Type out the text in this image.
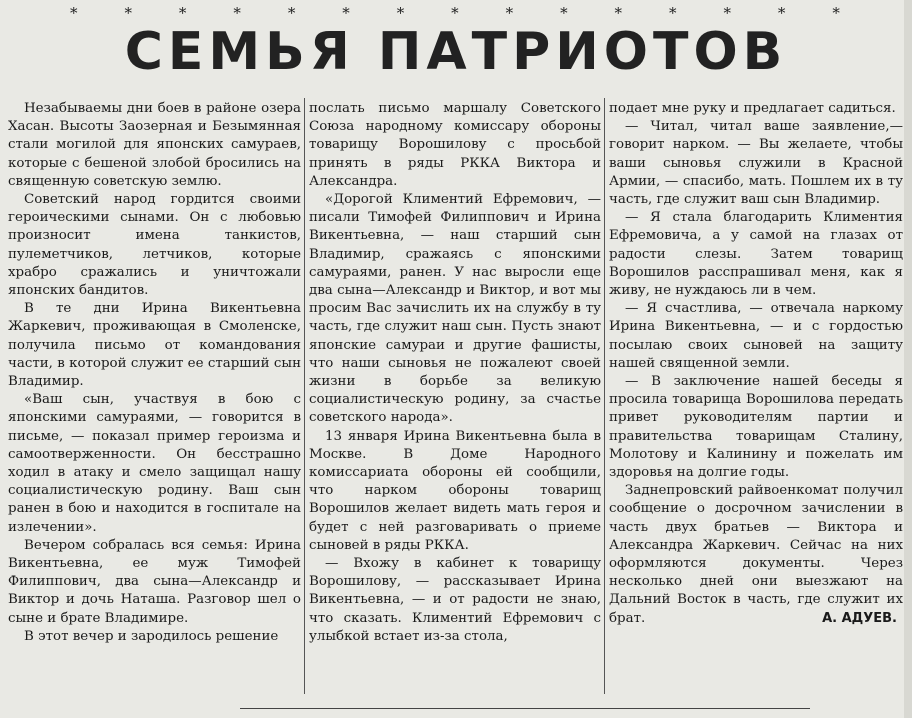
*	*	*	*	*	*	*	*	*	*	*	*	*	*	*
СЕМЬЯ ПАТРИОТОВ

Незабываемы дни боев в районе озера Хасан. Высоты Заозерная и Безымянная стали могилой для японских самураев, которые с бешеной злобой бросились на священную советскую землю.

Советский народ гордится своими героическими сынами. Он с любовью произносит имена танкистов, пулеметчиков, летчиков, которые храбро сражались и уничтожали японских бандитов.

В те дни Ирина Викентьевна Жаркевич, проживающая в Смоленске, получила письмо от командования части, в которой служит ее старший сын Владимир.

«Ваш сын, участвуя в бою с японскими самураями, — говорится в письме, — показал пример героизма и самоотверженности. Он бесстрашно ходил в атаку и смело защищал нашу социалистическую родину. Ваш сын ранен в бою и находится в госпитале на излечении».

Вечером собралась вся семья: Ирина Викентьевна, ее муж Тимофей Филиппович, два сына—Александр и Виктор и дочь Наташа. Разговор шел о сыне и брате Владимире.

В этот вечер и зародилось решение

послать письмо маршалу Советского Союза народному комиссару обороны товарищу Ворошилову с просьбой принять в ряды РККА Виктора и Александра.

«Дорогой Климентий Ефремович, — писали Тимофей Филиппович и Ирина Викентьевна, — наш старший сын Владимир, сражаясь с японскими самураями, ранен. У нас выросли еще два сына—Александр и Виктор, и вот мы просим Вас зачислить их на службу в ту часть, где служит наш сын. Пусть знают японские самураи и другие фашисты, что наши сыновья не пожалеют своей жизни в борьбе за великую социалистическую родину, за счастье советского народа».

13 января Ирина Викентьевна была в Москве. В Доме Народного комиссариата обороны ей сообщили, что нарком обороны товарищ Ворошилов желает видеть мать героя и будет с ней разговаривать о приеме сыновей в ряды РККА.

— Вхожу в кабинет к товарищу Ворошилову, — рассказывает Ирина Викентьевна, — и от радости не знаю, что сказать. Климентий Ефремович с улыбкой встает из-за стола,

подает мне руку и предлагает садиться.

— Читал, читал ваше заявление,— говорит нарком. — Вы желаете, чтобы ваши сыновья служили в Красной Армии, — спасибо, мать. Пошлем их в ту часть, где служит ваш сын Владимир.

— Я стала благодарить Климентия Ефремовича, а у самой на глазах от радости слезы. Затем товарищ Ворошилов расспрашивал меня, как я живу, не нуждаюсь ли в чем.

— Я счастлива, — отвечала наркому Ирина Викентьевна, — и с гордостью посылаю своих сыновей на защиту нашей священной земли.

— В заключение нашей беседы я просила товарища Ворошилова передать привет руководителям партии и правительства товарищам Сталину, Молотову и Калинину и пожелать им здоровья на долгие годы.

Заднепровский райвоенкомат получил сообщение о досрочном зачислении в часть двух братьев — Виктора и Александра Жаркевич. Сейчас на них оформляются документы. Через несколько дней они выезжают на Дальний Восток в часть, где служит их брат.	А. АДУЕВ.
